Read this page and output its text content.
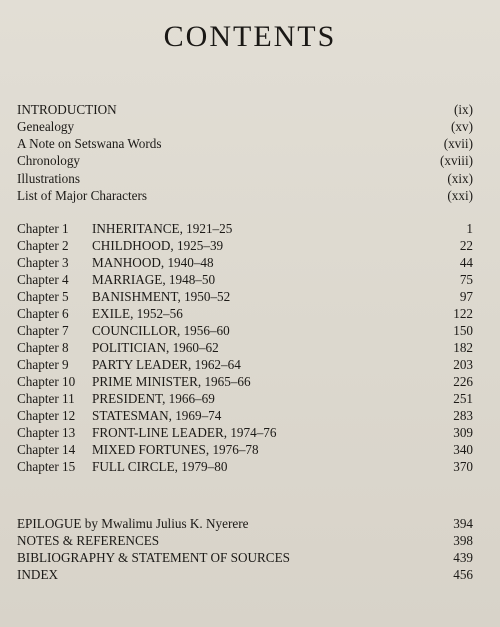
CONTENTS
INTRODUCTION	(ix)
Genealogy	(xv)
A Note on Setswana Words	(xvii)
Chronology	(xviii)
Illustrations	(xix)
List of Major Characters	(xxi)
Chapter 1 INHERITANCE, 1921–25	1
Chapter 2 CHILDHOOD, 1925–39	22
Chapter 3 MANHOOD, 1940–48	44
Chapter 4 MARRIAGE, 1948–50	75
Chapter 5 BANISHMENT, 1950–52	97
Chapter 6 EXILE, 1952–56	122
Chapter 7 COUNCILLOR, 1956–60	150
Chapter 8 POLITICIAN, 1960–62	182
Chapter 9 PARTY LEADER, 1962–64	203
Chapter 10 PRIME MINISTER, 1965–66	226
Chapter 11 PRESIDENT, 1966–69	251
Chapter 12 STATESMAN, 1969–74	283
Chapter 13 FRONT-LINE LEADER, 1974–76	309
Chapter 14 MIXED FORTUNES, 1976–78	340
Chapter 15 FULL CIRCLE, 1979–80	370
EPILOGUE by Mwalimu Julius K. Nyerere	394
NOTES & REFERENCES	398
BIBLIOGRAPHY & STATEMENT OF SOURCES	439
INDEX	456
